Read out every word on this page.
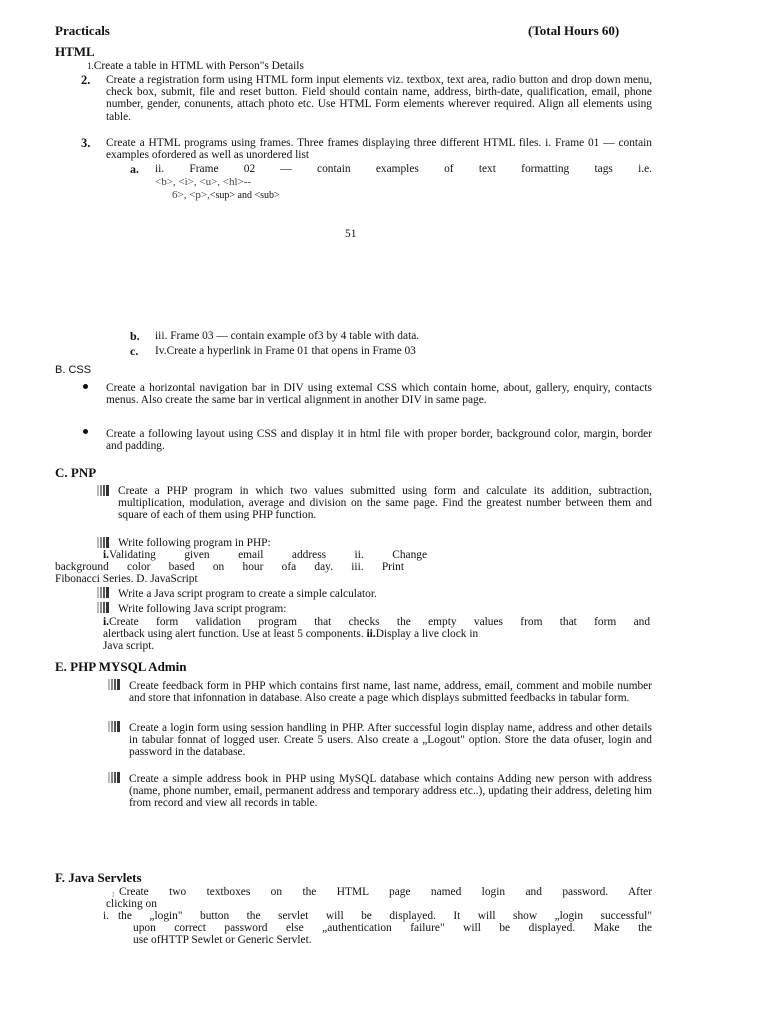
Practicals	(Total Hours 60)
HTML
1.Create a table in HTML with Person"s Details
2. Create a registration form using HTML form input elements viz. textbox, text area, radio button and drop down menu, check box, submit, file and reset button. Field should contain name, address, birth-date, qualification, email, phone number, gender, conunents, attach photo etc. Use HTML Form elements wherever required. Align all elements using table.
3. Create a HTML programs using frames. Three frames displaying three different HTML files. i. Frame 01 — contain examples ofordered as well as unordered list
a. ii. Frame 02 — contain examples of text formatting tags i.e.
<b>, <i>, <u>, <hl>--
6>, <p>,<sup> and <sub>
51
b. iii. Frame 03 — contain example of3 by 4 table with data.
c. Iv.Create a hyperlink in Frame 01 that opens in Frame 03
B. CSS
Create a horizontal navigation bar in DIV using extemal CSS which contain home, about, gallery, enquiry, contacts menus. Also create the same bar in vertical alignment in another DIV in same page.
Create a following layout using CSS and display it in html file with proper border, background color, margin, border and padding.
C. PNP
Create a PHP program in which two values submitted using form and calculate its addition, subtraction, multiplication, modulation, average and division on the same page. Find the greatest number between them and square of each of them using PHP function.
Write following program in PHP:
i.Validating given email address ii. Change
background color based on hour ofa day. iii. Print
Fibonacci Series. D. JavaScript
Write a Java script program to create a simple calculator.
Write following Java script program:
i.Create form validation program that checks the empty values from that form and
alertback using alert function. Use at least 5 components. ii.Display a live clock in
Java script.
E. PHP MYSQL Admin
Create feedback form in PHP which contains first name, last name, address, email, comment and mobile number and store that infonnation in database. Also create a page which displays submitted feedbacks in tabular form.
Create a login form using session handling in PHP. After successful login display name, address and other details in tabular fonnat of logged user. Create 5 users. Also create a „Logout" option. Store the data ofuser, login and password in the database.
Create a simple address book in PHP using MySQL database which contains Adding new person with address (name, phone number, email, permanent address and temporary address etc..), updating their address, deleting him from record and view all records in table.
F. Java Servlets
I Create two textboxes on the HTML page named login and password. After
clicking on
i. the „login" button the servlet will be displayed. It will show „login successful"
upon correct password else „authentication failure" will be displayed. Make the
use ofHTTP Sewlet or Generic Servlet.
